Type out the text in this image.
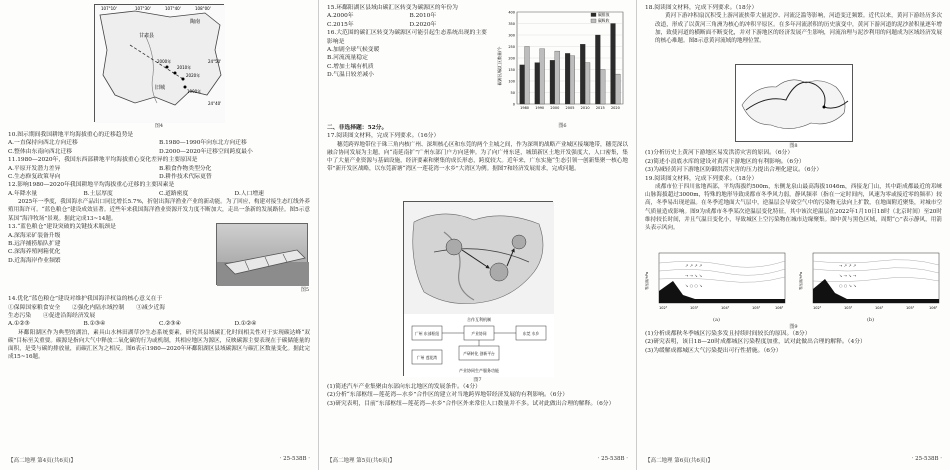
107°10'	107°30'	107°40'	108°00'
陶南
甘肃县
旧城
2020年
2010年
2000年
1990年
24°50'
24°40'
图4
10.图示期间我国耕地平均海拔重心的迁移趋势是
A.一直保持向西北方向迁移	B.1980—1990年向东北方向迁移
C.整体由东南向西北迁移	D.2000—2020年迁移空间跨度最小
11.1980—2020年，我国东西部耕地平均海拔重心变化差异的主要原因是
A.平原开发潜力差异	B.粮食作物类型分化
C.生态修复政策导向	D.耕作技术代际更替
12.影响1980—2020年我国耕地平均海拔重心迁移的主要因素是
A.年降水量	B.土层厚度	C.道路密度	D.人口增速
2025年一季度，我国海水产品出口同比增长5.7%，折射出海洋渔业产业的新动能。为了回应，构建对接生态红线外养殖用海许可。“蓝色粮仓”建设成效显著。近些年来我国海洋渔业资源开发力度不断加大，走出一条新的发展路径。图5示意某国“海洋牧场”景观。据此完成13~14题。
13.“蓝色粮仓”建设突破的关键技术瓶颈是
A.深海采矿装备升级
B.远洋捕捞船队扩建
C.深海养殖网箱优化
D.近海海岸作业频繁
图5
14.优化“蓝色粮仓”建设对维护我国海洋权益的核心意义在于
①保障国家粮食安全 ②强化内陆水域控制 ③减少近海
生态污染 ④促进沿海经济发展
A.①②③	B.①③④	C.②③④	D.①②④
环鄱阳湖区作为典型的湖泊，素具山水林田湖草沙生态系统要素，研究其县域碳汇化时间相关性对于实现碳达峰“双碳”目标至关重要。碳源是指向大气中释放二氧化碳的行为或机制，其相应地区为源区，反映碳源主要表现在于碳储能量的面积，是受与碳的排放量，而碳汇区为之相反。图6表示1980—2020年环鄱阳湖区县域碳源区与碳汇区数量变化。据此完成15~16题。
【高二地理 第4页(共6页)】	· 25-538B ·
15.环鄱阳湖区县域由碳汇区转变为碳源区的年份为
A.2000年	B.2010年
C.2015年	D.2020年
16.大范围的碳汇区转变为碳源区可能引起生态系统出现的主要影响是
A.加剧全球气候变暖
B.河流流量稳定
C.增加土壤有机质
D.气温日较差减小
0
50
100
150
200
250
300
350
400
1980 1990 2000 2005 2010 2015 2020
碳源区/碳汇区数量/个
碳排放
碳吸收
图6
二、非选择题：52分。
17.阅读图文材料，完成下列要求。（16分）
穗莞跨界地带位于珠三角内核广州、深圳核心区和东莞的两个主城之间，作为深圳的战略产业城区接壤地带，穗莞深以融合协同发展为主题，向“南延南扩”广州东部门户方向延伸。为了向广州东延，城镇新区土地开发强度大，人口密集，集中了大量产业资源与基础设施，经济要素和聚集的成长形态，跨度较大。近年来，广东实施“生态引领一创新集聚一核心地带”新开发区战略，以东莞新塘“湾区一莲花湾一水乡”大湾区为例。据图7和经济发展需求，完成问题。
合作互利机制
广州 东部枢纽	产业协同	东莞 水乡
产研转化 创新平台
广州 莲花湾
产业协同生产服务功能
图7
(1)简述汽车产业集聚由东部向东北地区的发展条件。（4分）
(2)分析“东部枢纽—莲花湾—水乡”合作区的建立对当地跨界地带经济发展的有利影响。（6分）
(3)研究表明，目前“东部枢纽—莲花湾—水乡”合作区外来常住人口数量并不多。试对此做出合理的解释。（6分）
【高二地理 第5页(共6页)】	· 25-538B ·
18.阅读图文材料，完成下列要求。（18分）
黄河下游冲积扇沉积受上游河流挟带大量泥沙、河流泛滥等影响，河道变迁频繁。近代以来，黄河下游经历多次改道，形成了以黄河三角洲为核心的冲积平原区。在多年河流淤积的历史演变中，黄河下游河道的泥沙淤积量逐年增加，致使河道的横断面不断变化，并对下游地区的经济发展产生影响，河流治理与泥沙利用的问题成为区域经济发展的核心难题。图8示意黄河流域的地理位置。
图8
(1)分析历史上黄河下游地区易发洪涝灾害的原因。（6分）
(2)简述小浪底水库的建设对黄河下游地区的有利影响。（6分）
(3)为减轻黄河下游地区防御洪涝灾害的压力提出合理化建议。（6分）
19.阅读图文材料，完成下列要求。（18分）
成都市位于四川盆地西部，平均海拔约500m，东侧龙泉山最高海拔1046m，西接龙门山，其中距成都最近的邛崃山脉海拔超过3000m，特殊的地形导致成都市冬季风力弱，静风频率（指在一定时间内，风速为零或接近零的频率）较高，冬季易出现逆温。在冬季近地面大气层中，逆温层会导致空气中的污染物无法向上扩散，在地面附近聚集，对城市空气质量造成影响。图9为成都市冬季某次逆温层变化特征，其中该次逆温层在2022年1月10日18时（北京时间）至20时维持较长时间，并且气温日变化小，导致城区上空污染物在城市边缘聚集。图中黄与黑色区域，周期“○”表示静风，用箭头表示风向。
↗ ↗ ↗ ↗
→ → ↘ ↘
↘ ○ ○ ↘
等压面/hPa
102°	103°	104°	105°	106°
(a)
→ ↗ ↗ ↗
↘ → ↘ →
○ ○ ↘ ↘
等压面/hPa
102°	103°	104°	105°	106°
(b)
图9
(1)分析成都秋冬季城区污染多发且持续时间较长的原因。（8分）
(2)研究表明，该日18—20时成都城区污染程度加重，试对此做出合理的解释。（4分）
(3)为缓解成都城区大气污染提出可行性措施。（6分）
【高二地理 第6页(共6页)】	· 25-538B ·
